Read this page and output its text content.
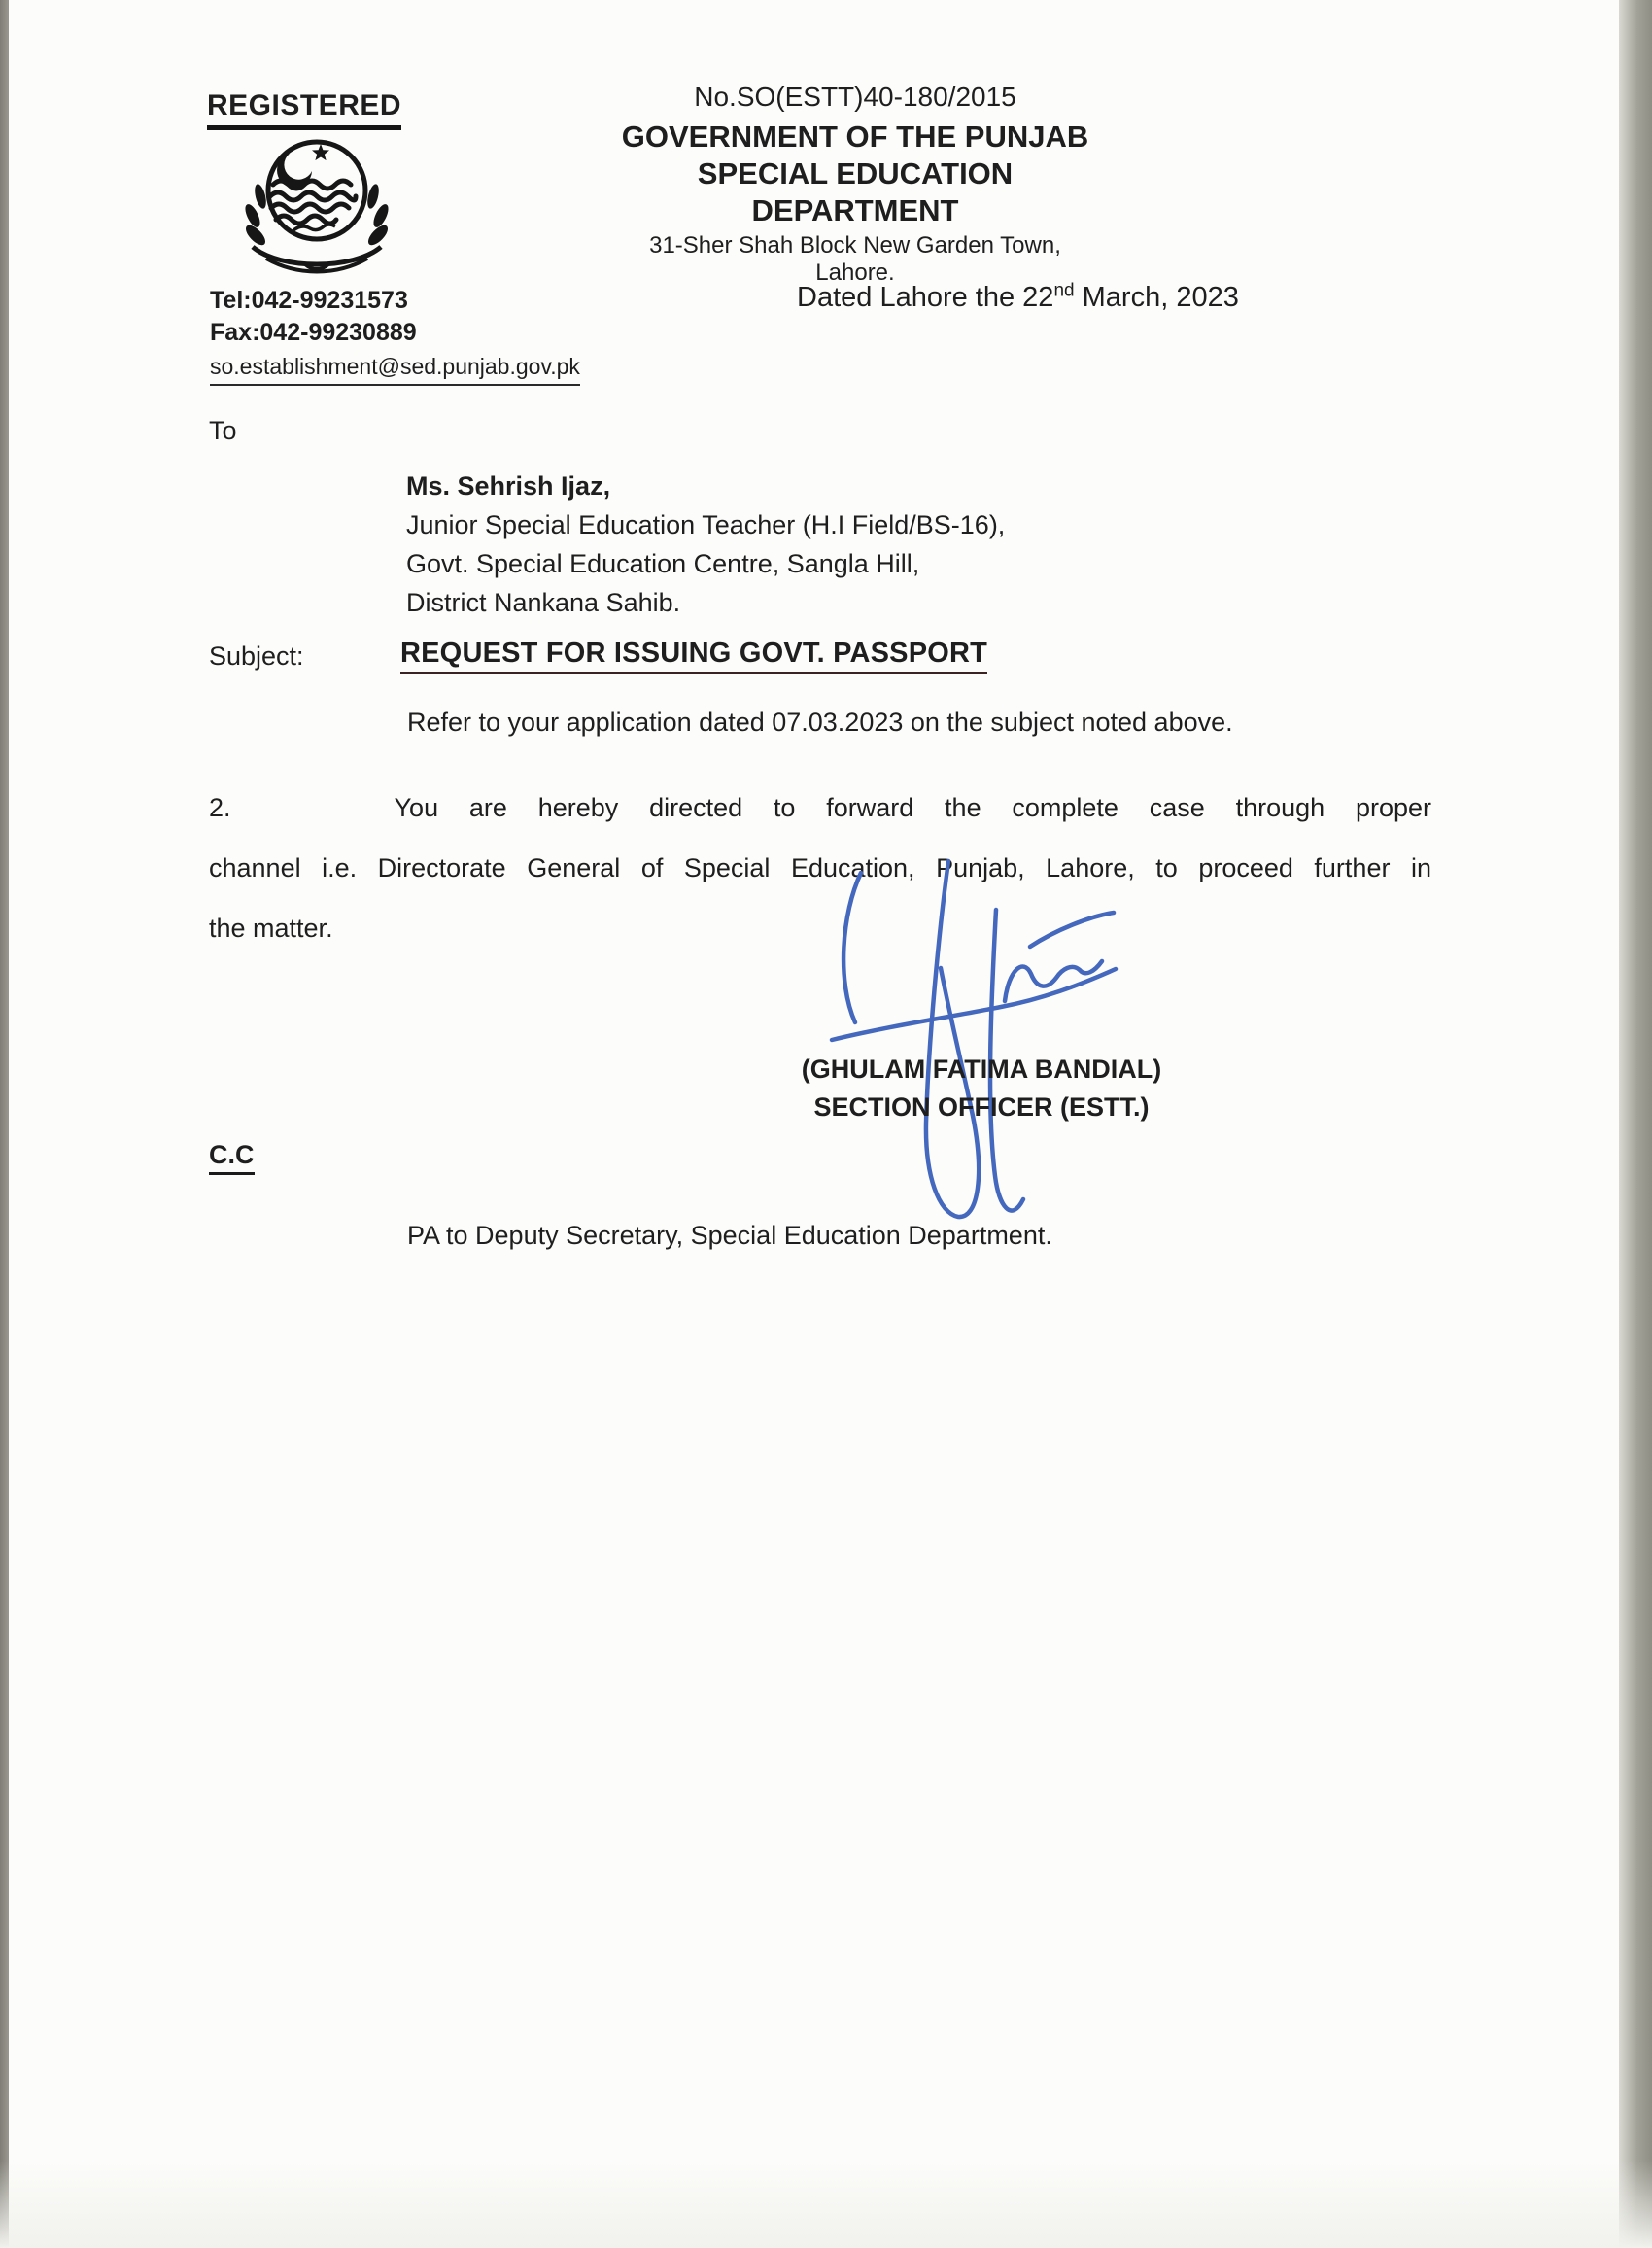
REGISTERED
Tel:042-99231573
Fax:042-99230889
so.establishment@sed.punjab.gov.pk
No.SO(ESTT)40-180/2015
GOVERNMENT OF THE PUNJAB
SPECIAL EDUCATION DEPARTMENT
31-Sher Shah Block New Garden Town, Lahore.
Dated Lahore the 22nd March, 2023
To
Ms. Sehrish Ijaz,
Junior Special Education Teacher (H.I Field/BS-16),
Govt. Special Education Centre, Sangla Hill,
District Nankana Sahib.
Subject:	REQUEST FOR ISSUING GOVT. PASSPORT
Refer to your application dated 07.03.2023 on the subject noted above.
2.	You are hereby directed to forward the complete case through proper
channel i.e. Directorate General of Special Education, Punjab, Lahore, to proceed further in
the matter.
(GHULAM FATIMA BANDIAL)
SECTION OFFICER (ESTT.)
C.C
PA to Deputy Secretary, Special Education Department.
